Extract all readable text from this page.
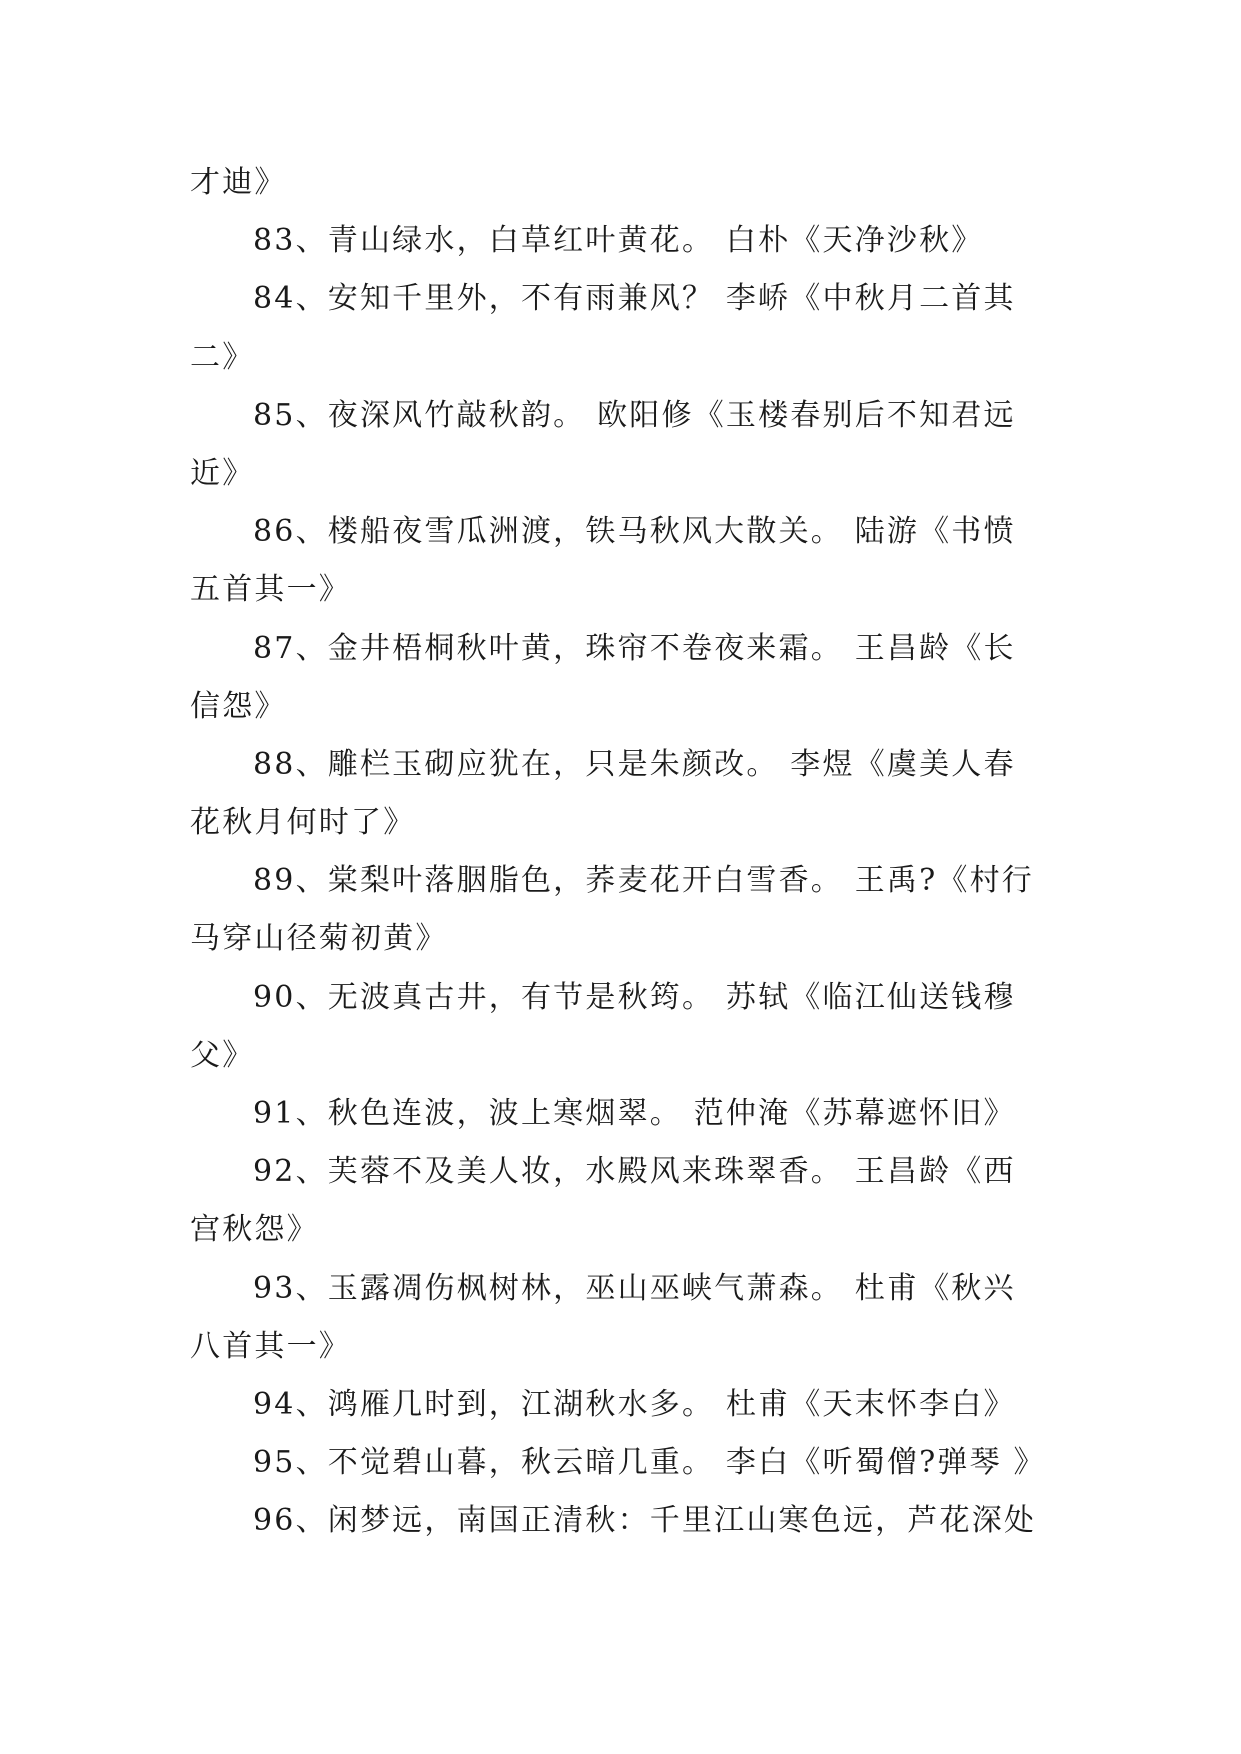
才迪》
83、青山绿水，白草红叶黄花。 白朴《天净沙秋》
84、安知千里外，不有雨兼风？ 李峤《中秋月二首其
二》
85、夜深风竹敲秋韵。 欧阳修《玉楼春别后不知君远
近》
86、楼船夜雪瓜洲渡，铁马秋风大散关。 陆游《书愤
五首其一》
87、金井梧桐秋叶黄，珠帘不卷夜来霜。 王昌龄《长
信怨》
88、雕栏玉砌应犹在，只是朱颜改。 李煜《虞美人春
花秋月何时了》
89、棠梨叶落胭脂色，荞麦花开白雪香。 王禹?《村行
马穿山径菊初黄》
90、无波真古井，有节是秋筠。 苏轼《临江仙送钱穆
父》
91、秋色连波，波上寒烟翠。 范仲淹《苏幕遮怀旧》
92、芙蓉不及美人妆，水殿风来珠翠香。 王昌龄《西
宫秋怨》
93、玉露凋伤枫树林，巫山巫峡气萧森。 杜甫《秋兴
八首其一》
94、鸿雁几时到，江湖秋水多。 杜甫《天末怀李白》
95、不觉碧山暮，秋云暗几重。 李白《听蜀僧?弹琴 》
96、闲梦远，南国正清秋：千里江山寒色远，芦花深处
